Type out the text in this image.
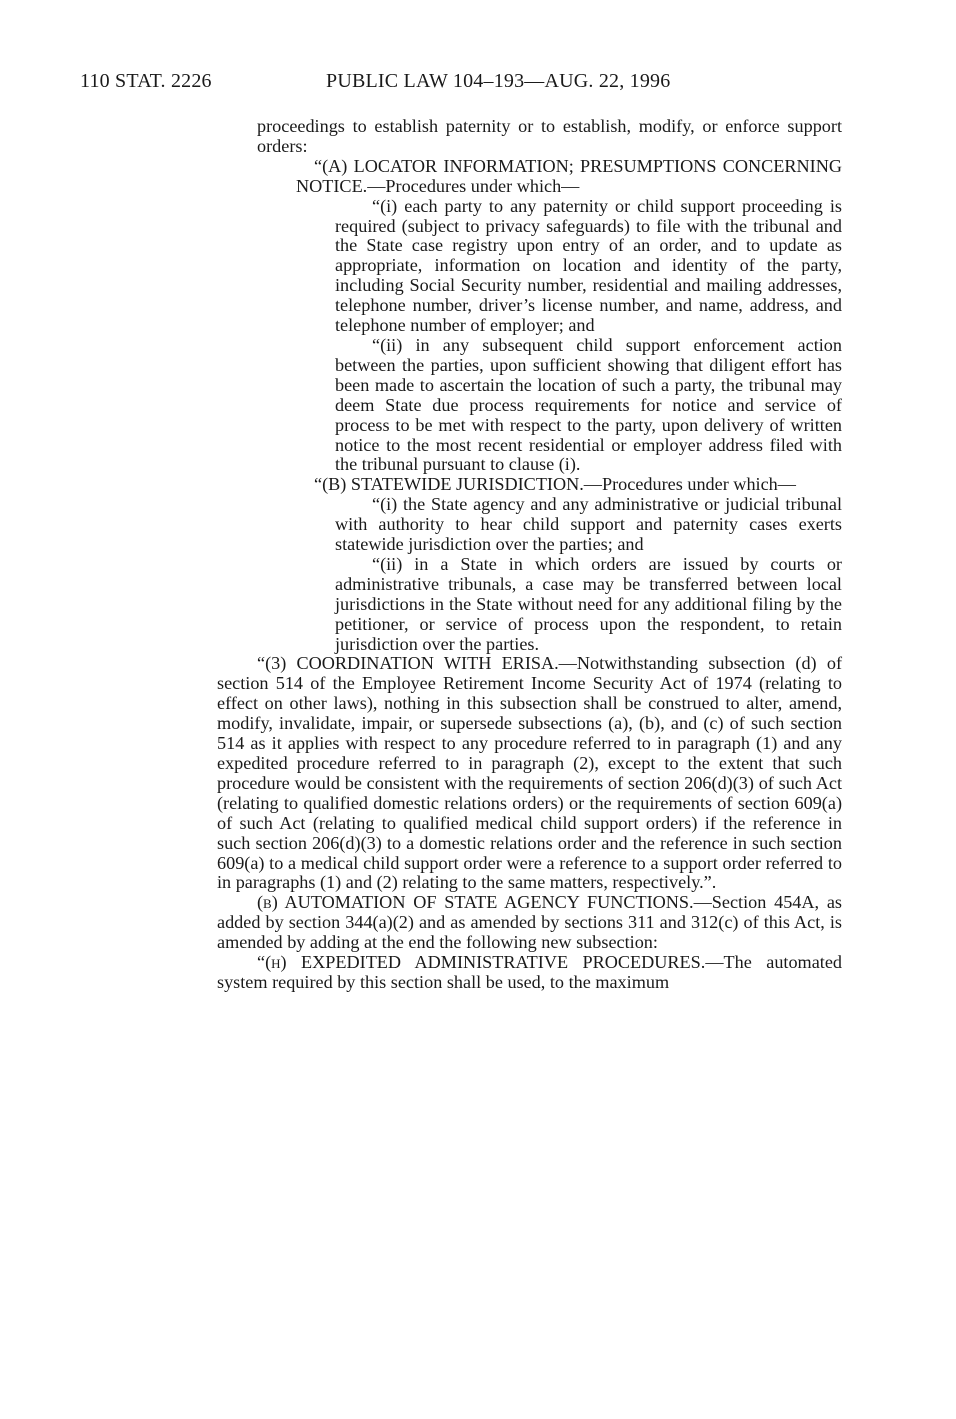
110 STAT. 2226	PUBLIC LAW 104–193—AUG. 22, 1996

proceedings to establish paternity or to establish, modify, or enforce support orders:

“(A) LOCATOR INFORMATION; PRESUMPTIONS CONCERNING NOTICE.—Procedures under which—

“(i) each party to any paternity or child support proceeding is required (subject to privacy safeguards) to file with the tribunal and the State case registry upon entry of an order, and to update as appropriate, information on location and identity of the party, including Social Security number, residential and mailing addresses, telephone number, driver’s license number, and name, address, and telephone number of employer; and

“(ii) in any subsequent child support enforcement action between the parties, upon sufficient showing that diligent effort has been made to ascertain the location of such a party, the tribunal may deem State due process requirements for notice and service of process to be met with respect to the party, upon delivery of written notice to the most recent residential or employer address filed with the tribunal pursuant to clause (i).

“(B) STATEWIDE JURISDICTION.—Procedures under which—

“(i) the State agency and any administrative or judicial tribunal with authority to hear child support and paternity cases exerts statewide jurisdiction over the parties; and

“(ii) in a State in which orders are issued by courts or administrative tribunals, a case may be transferred between local jurisdictions in the State without need for any additional filing by the petitioner, or service of process upon the respondent, to retain jurisdiction over the parties.

“(3) COORDINATION WITH ERISA.—Notwithstanding subsection (d) of section 514 of the Employee Retirement Income Security Act of 1974 (relating to effect on other laws), nothing in this subsection shall be construed to alter, amend, modify, invalidate, impair, or supersede subsections (a), (b), and (c) of such section 514 as it applies with respect to any procedure referred to in paragraph (1) and any expedited procedure referred to in paragraph (2), except to the extent that such procedure would be consistent with the requirements of section 206(d)(3) of such Act (relating to qualified domestic relations orders) or the requirements of section 609(a) of such Act (relating to qualified medical child support orders) if the reference in such section 206(d)(3) to a domestic relations order and the reference in such section 609(a) to a medical child support order were a reference to a support order referred to in paragraphs (1) and (2) relating to the same matters, respectively.”.

(b) AUTOMATION OF STATE AGENCY FUNCTIONS.—Section 454A, as added by section 344(a)(2) and as amended by sections 311 and 312(c) of this Act, is amended by adding at the end the following new subsection:

“(h) EXPEDITED ADMINISTRATIVE PROCEDURES.—The automated system required by this section shall be used, to the maximum
